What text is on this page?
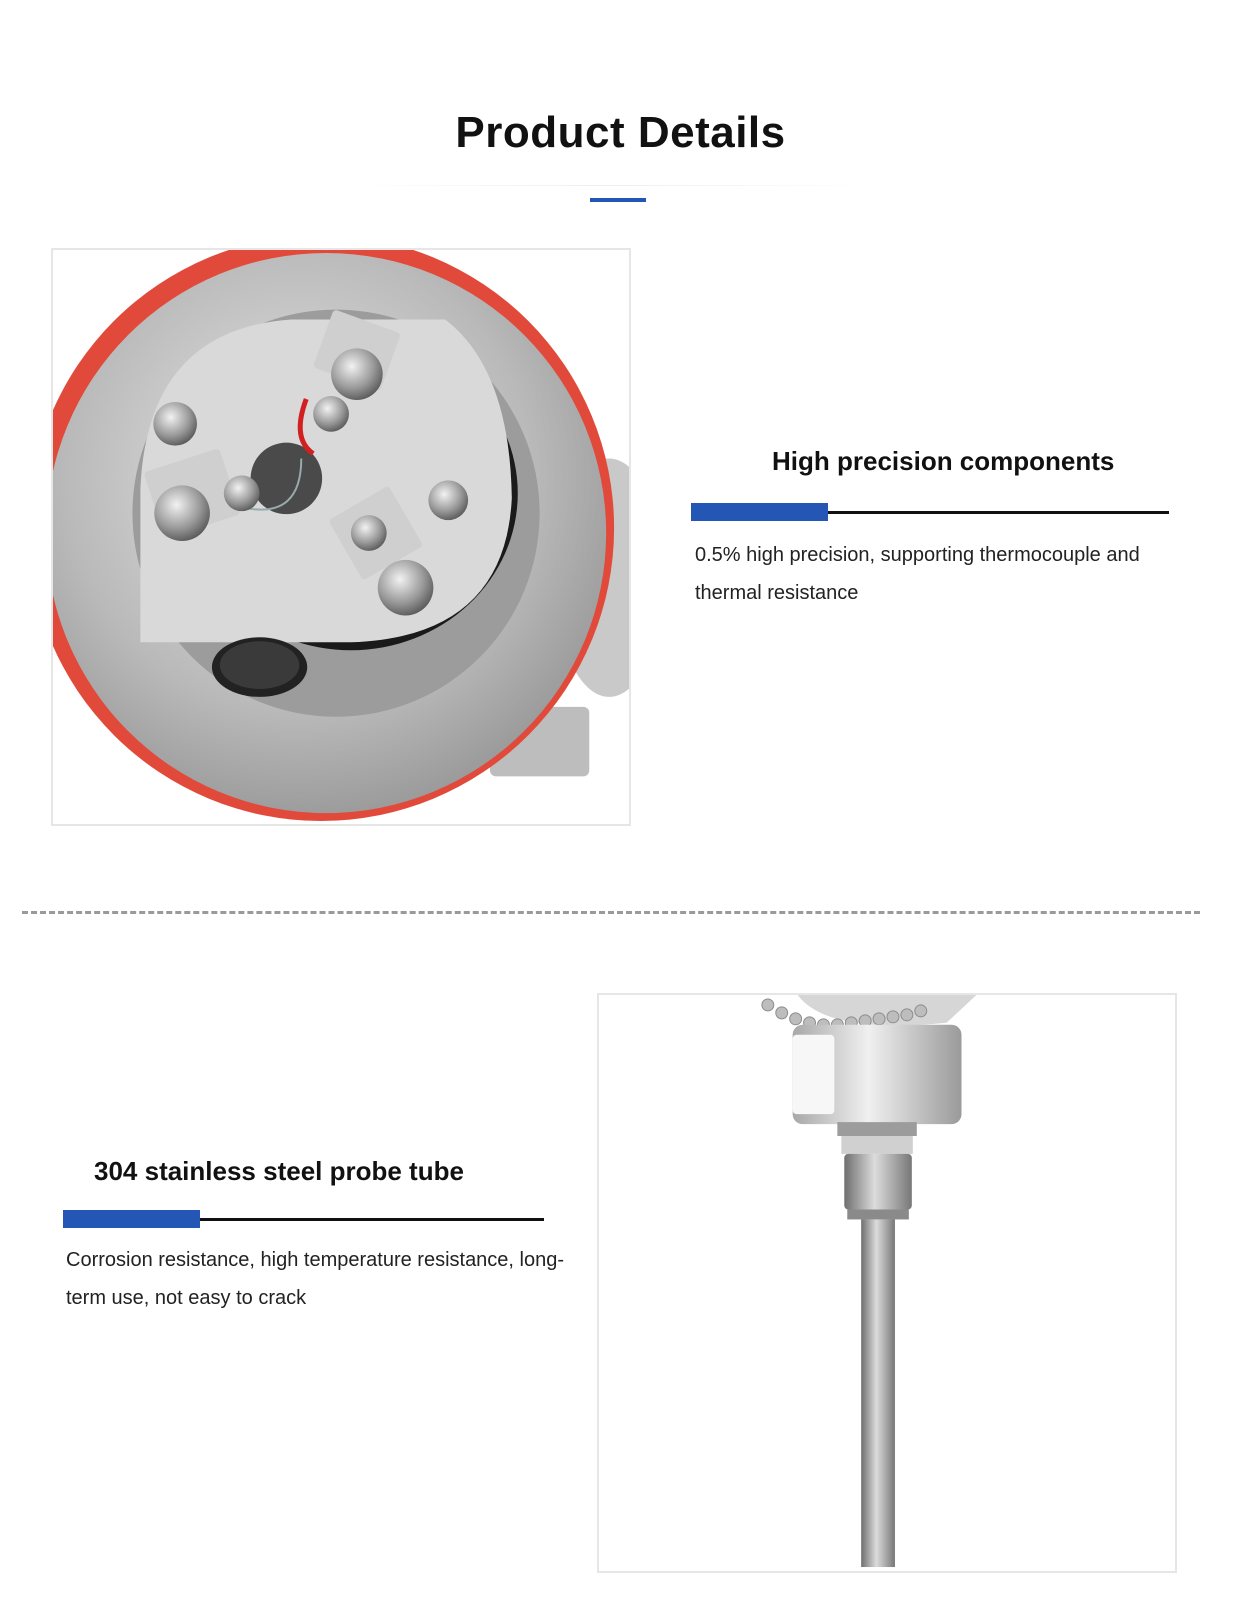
Product Details
High precision components
0.5% high precision, supporting thermocouple and thermal resistance
304 stainless steel probe tube
Corrosion resistance, high temperature resistance, long-term use, not easy to crack
